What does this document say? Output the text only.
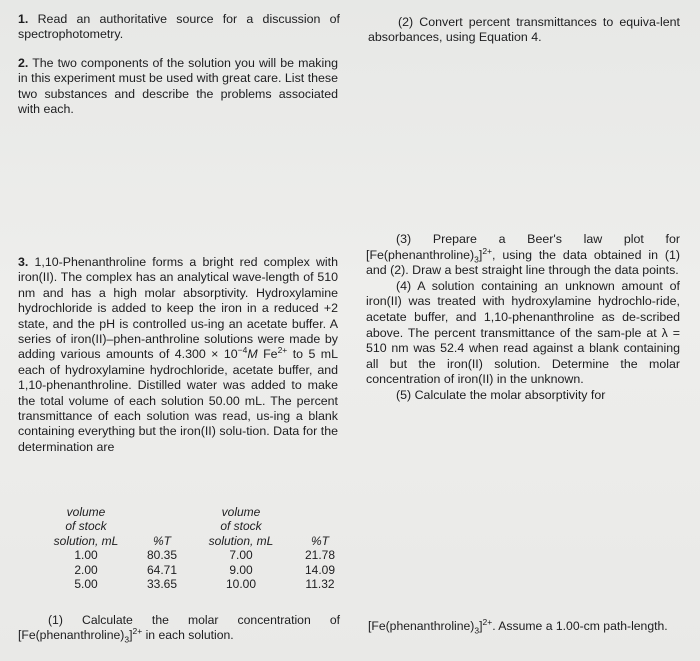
1. Read an authoritative source for a discussion of spectrophotometry.

2. The two components of the solution you will be making in this experiment must be used with great care. List these two substances and describe the problems associated with each.

3. 1,10-Phenanthroline forms a bright red complex with iron(II). The complex has an analytical wave-length of 510 nm and has a high molar absorptivity. Hydroxylamine hydrochloride is added to keep the iron in a reduced +2 state, and the pH is controlled us-ing an acetate buffer. A series of iron(II)–phen-anthroline solutions were made by adding various amounts of $4.300 \times 10^{-4}M$ $Fe^{2+}$ to 5 mL each of hydroxylamine hydrochloride, acetate buffer, and 1,10-phenanthroline. Distilled water was added to make the total volume of each solution 50.00 mL. The percent transmittance of each solution was read, us-ing a blank containing everything but the iron(II) solu-tion. Data for the determination are

volume
of stock
solution, mL	%T	volume
of stock
solution, mL	%T
1.00	80.35	7.00	21.78
2.00	64.71	9.00	14.09
5.00	33.65	10.00	11.32

(1) Calculate the molar concentration of $[Fe(phenanthroline)_3]^{2+}$ in each solution.

(2) Convert percent transmittances to equiva-lent absorbances, using Equation 4.

(3) Prepare a Beer's law plot for $[Fe(phenanthroline)_3]^{2+}$, using the data obtained in (1) and (2). Draw a best straight line through the data points.

(4) A solution containing an unknown amount of iron(II) was treated with hydroxylamine hydrochlo-ride, acetate buffer, and 1,10-phenanthroline as de-scribed above. The percent transmittance of the sam-ple at λ = 510 nm was 52.4 when read against a blank containing all but the iron(II) solution. Determine the molar concentration of iron(II) in the unknown.

(5) Calculate the molar absorptivity for

$[Fe(phenanthroline)_3]^{2+}$. Assume a 1.00-cm path-length.
